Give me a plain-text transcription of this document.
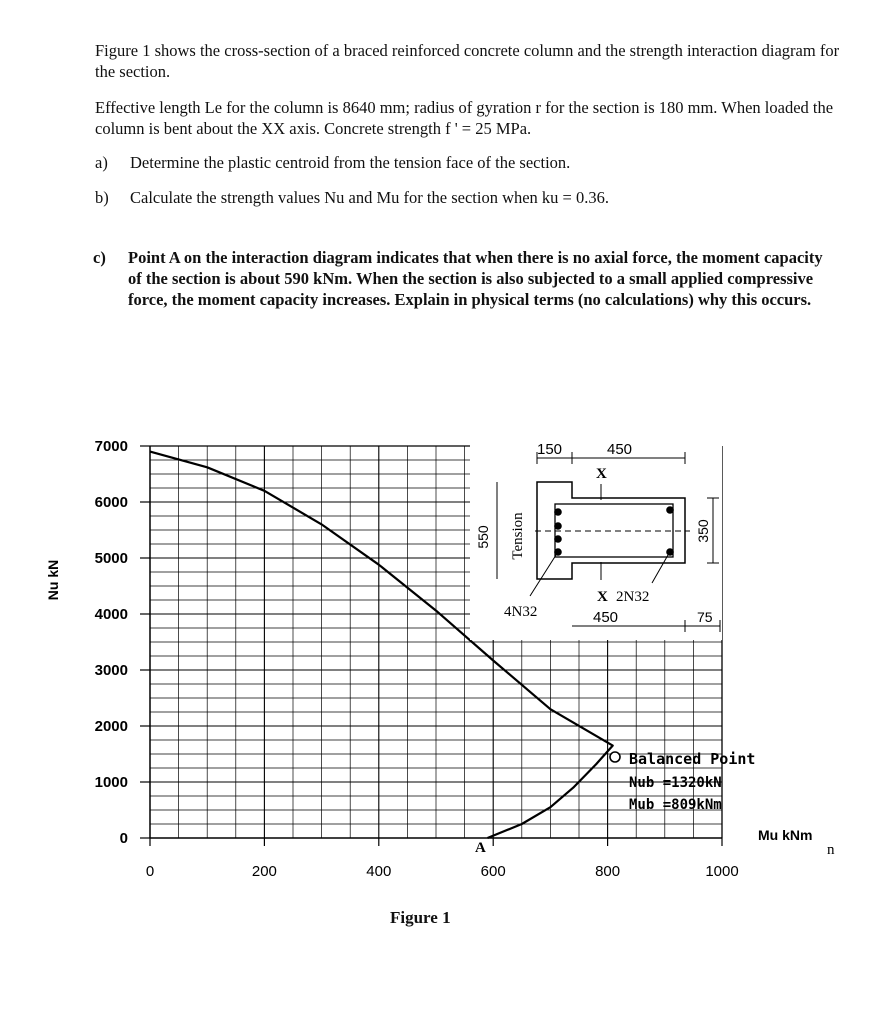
Figure 1 shows the cross-section of a braced reinforced concrete column and the strength interaction diagram for the section.

Effective length Le for the column is 8640 mm; radius of gyration r for the section is 180 mm. When loaded the column is bent about the XX axis. Concrete strength f ' = 25 MPa.

a) Determine the plastic centroid from the tension face of the section.
b) Calculate the strength values Nu and Mu for the section when ku = 0.36.
c) Point A on the interaction diagram indicates that when there is no axial force, the moment capacity of the section is about 590 kNm. When the section is also subjected to a small applied compressive force, the moment capacity increases. Explain in physical terms (no calculations) why this occurs.
0
1000
2000
3000
4000
5000
6000
7000
0	200	400	600	800	1000
Nu kN
Mu kNm
n
A
Balanced Point
Nub =1320kN
Mub =809kNm
150	450
X
550 Tension	350
4N32
X 2N32
450	75
Figure 1
